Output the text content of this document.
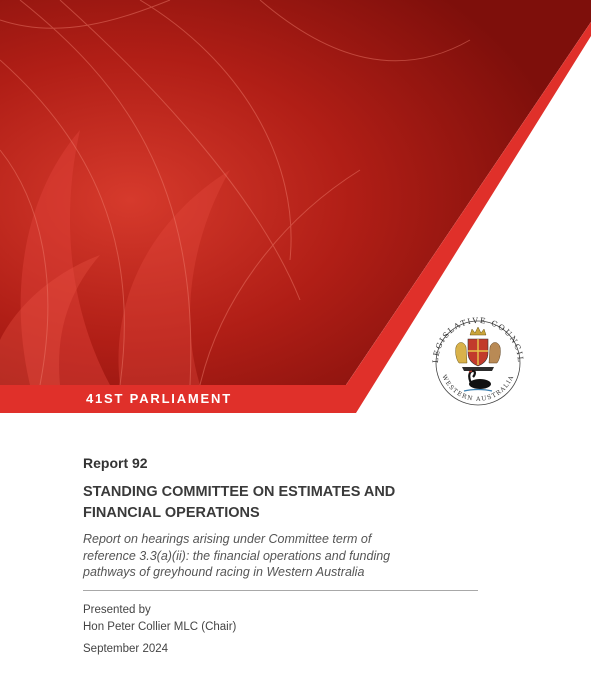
41ST PARLIAMENT
LEGISLATIVE COUNCIL
WESTERN AUSTRALIA
Report 92
STANDING COMMITTEE ON ESTIMATES AND
FINANCIAL OPERATIONS
Report on hearings arising under Committee term of
reference 3.3(a)(ii): the financial operations and funding
pathways of greyhound racing in Western Australia
Presented by
Hon Peter Collier MLC (Chair)
September 2024
